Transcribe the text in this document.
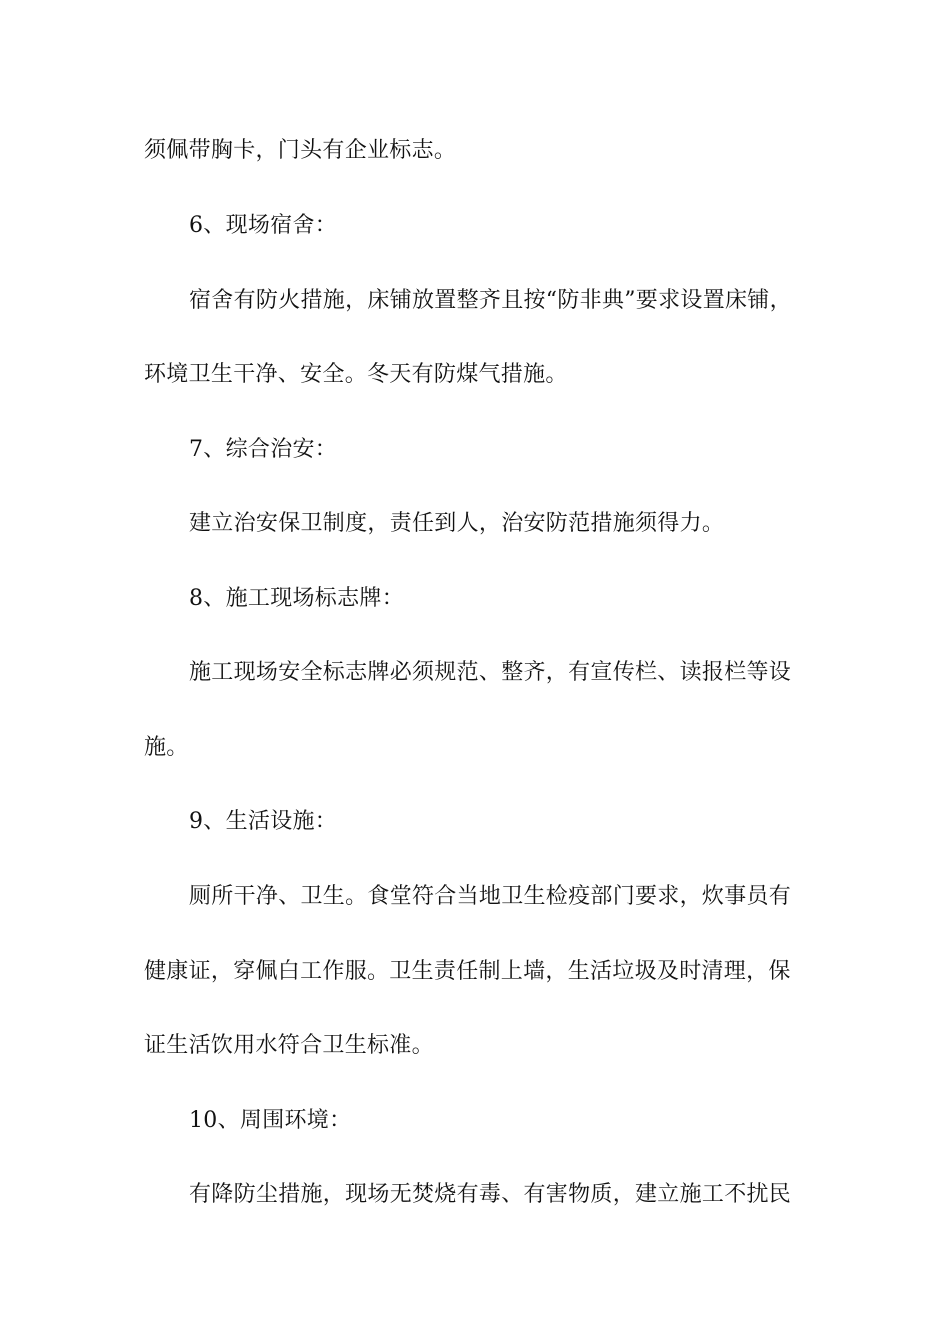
须佩带胸卡，门头有企业标志。
6、现场宿舍：
宿舍有防火措施，床铺放置整齐且按“防非典”要求设置床铺，
环境卫生干净、安全。冬天有防煤气措施。
7、综合治安：
建立治安保卫制度，责任到人，治安防范措施须得力。
8、施工现场标志牌：
施工现场安全标志牌必须规范、整齐，有宣传栏、读报栏等设
施。
9、生活设施：
厕所干净、卫生。食堂符合当地卫生检疫部门要求，炊事员有
健康证，穿佩白工作服。卫生责任制上墙，生活垃圾及时清理，保
证生活饮用水符合卫生标准。
10、周围环境：
有降防尘措施，现场无焚烧有毒、有害物质，建立施工不扰民
